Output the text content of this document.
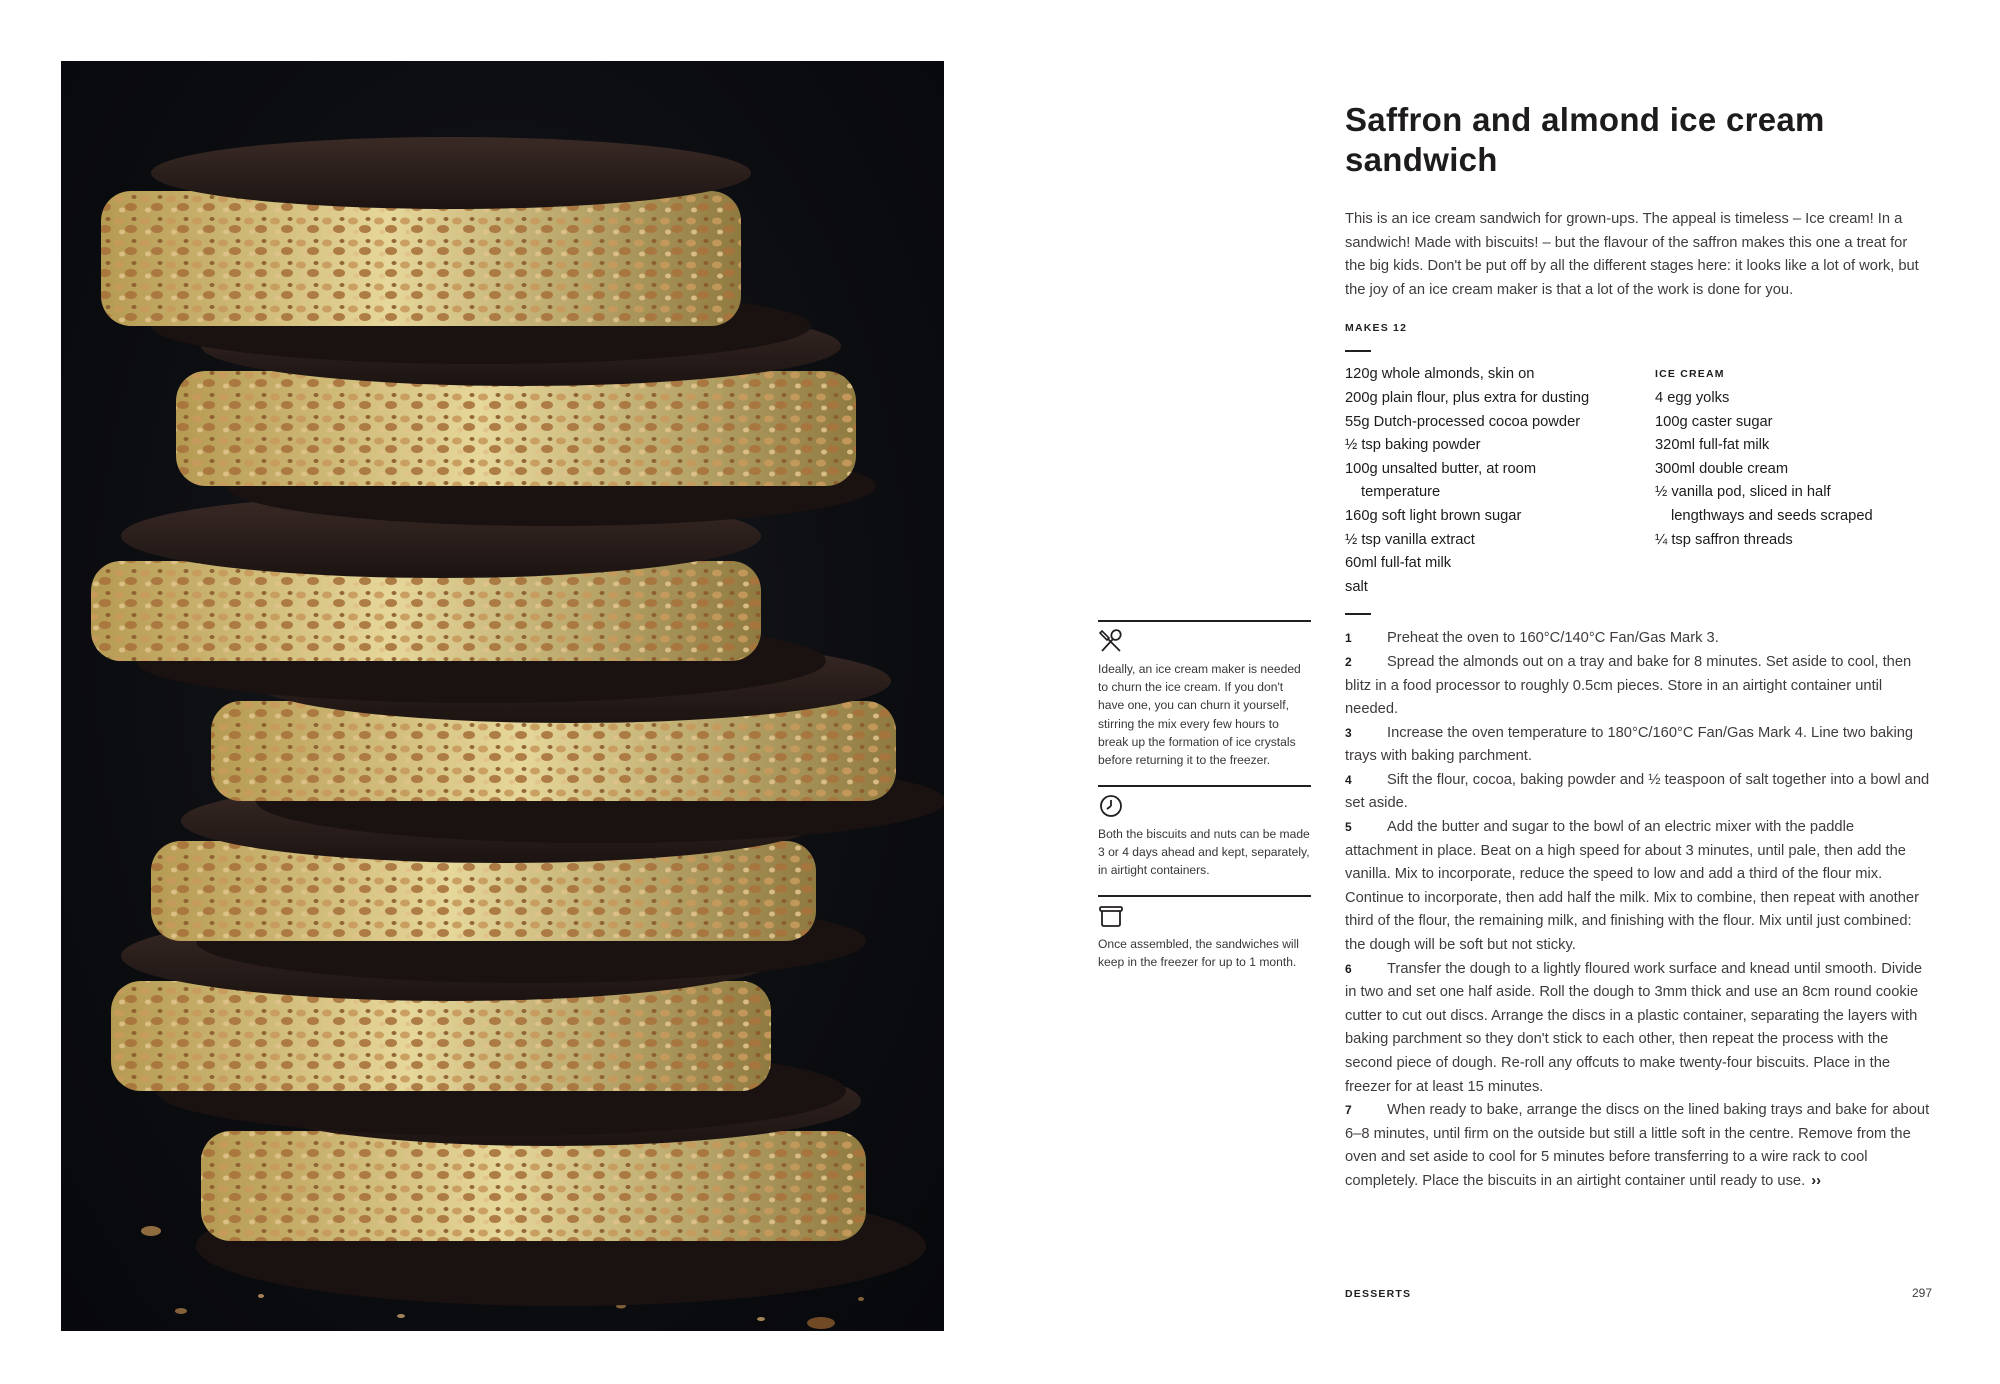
Ideally, an ice cream maker is needed to churn the ice cream. If you don't have one, you can churn it yourself, stirring the mix every few hours to break up the formation of ice crystals before returning it to the freezer.

Both the biscuits and nuts can be made 3 or 4 days ahead and kept, separately, in airtight containers.

Once assembled, the sandwiches will keep in the freezer for up to 1 month.

Saffron and almond ice cream sandwich

This is an ice cream sandwich for grown-ups. The appeal is timeless – Ice cream! In a sandwich! Made with biscuits! – but the flavour of the saffron makes this one a treat for the big kids. Don't be put off by all the different stages here: it looks like a lot of work, but the joy of an ice cream maker is that a lot of the work is done for you.

MAKES 12
120g whole almonds, skin on
200g plain flour, plus extra for dusting
55g Dutch-processed cocoa powder
½ tsp baking powder
100g unsalted butter, at room
temperature
160g soft light brown sugar
½ tsp vanilla extract
60ml full-fat milk
salt
ICE CREAM
4 egg yolks
100g caster sugar
320ml full-fat milk
300ml double cream
½ vanilla pod, sliced in half
lengthways and seeds scraped
¼ tsp saffron threads

1 Preheat the oven to 160°C/140°C Fan/Gas Mark 3.

2 Spread the almonds out on a tray and bake for 8 minutes. Set aside to cool, then blitz in a food processor to roughly 0.5cm pieces. Store in an airtight container until needed.

3 Increase the oven temperature to 180°C/160°C Fan/Gas Mark 4. Line two baking trays with baking parchment.

4 Sift the flour, cocoa, baking powder and ½ teaspoon of salt together into a bowl and set aside.

5 Add the butter and sugar to the bowl of an electric mixer with the paddle attachment in place. Beat on a high speed for about 3 minutes, until pale, then add the vanilla. Mix to incorporate, reduce the speed to low and add a third of the flour mix. Continue to incorporate, then add half the milk. Mix to combine, then repeat with another third of the flour, the remaining milk, and finishing with the flour. Mix until just combined: the dough will be soft but not sticky.

6 Transfer the dough to a lightly floured work surface and knead until smooth. Divide in two and set one half aside. Roll the dough to 3mm thick and use an 8cm round cookie cutter to cut out discs. Arrange the discs in a plastic container, separating the layers with baking parchment so they don't stick to each other, then repeat the process with the second piece of dough. Re-roll any offcuts to make twenty-four biscuits. Place in the freezer for at least 15 minutes.

7 When ready to bake, arrange the discs on the lined baking trays and bake for about 6–8 minutes, until firm on the outside but still a little soft in the centre. Remove from the oven and set aside to cool for 5 minutes before transferring to a wire rack to cool completely. Place the biscuits in an airtight container until ready to use. ››

DESSERTS	297
